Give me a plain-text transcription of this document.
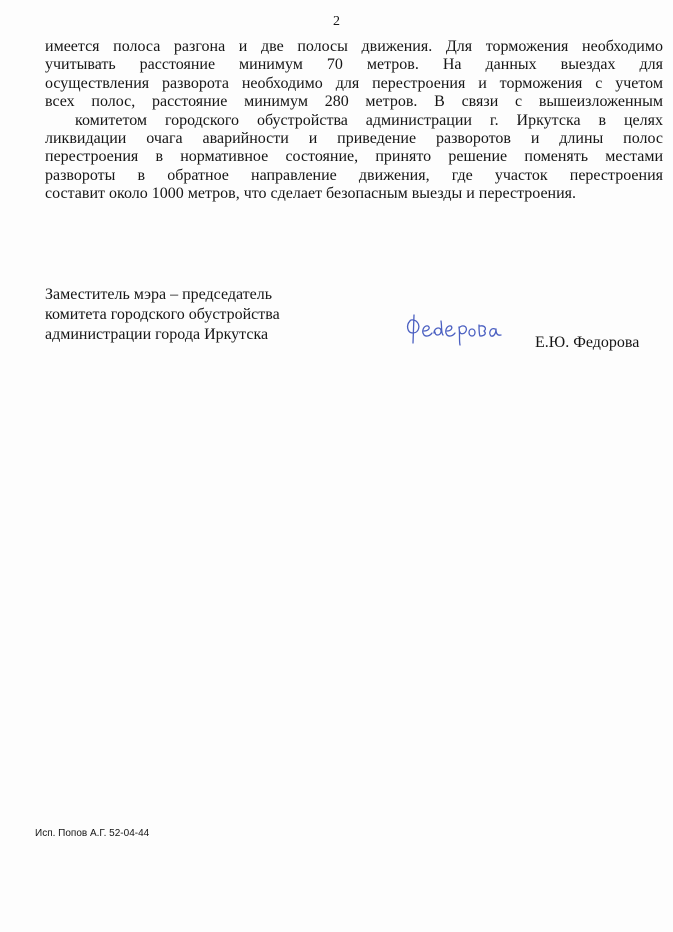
2
имеется полоса разгона и две полосы движения. Для торможения необходимо
учитывать расстояние минимум 70 метров. На данных выездах для
осуществления разворота необходимо для перестроения и торможения с учетом
всех полос, расстояние минимум 280 метров. В связи с вышеизложенным
комитетом городского обустройства администрации г. Иркутска в целях
ликвидации очага аварийности и приведение разворотов и длины полос
перестроения в нормативное состояние, принято решение поменять местами
развороты в обратное направление движения, где участок перестроения
составит около 1000 метров, что сделает безопасным выезды и перестроения.
Заместитель мэра – председатель
комитета городского обустройства
администрации города Иркутска	Е.Ю. Федорова
Исп. Попов А.Г. 52-04-44
